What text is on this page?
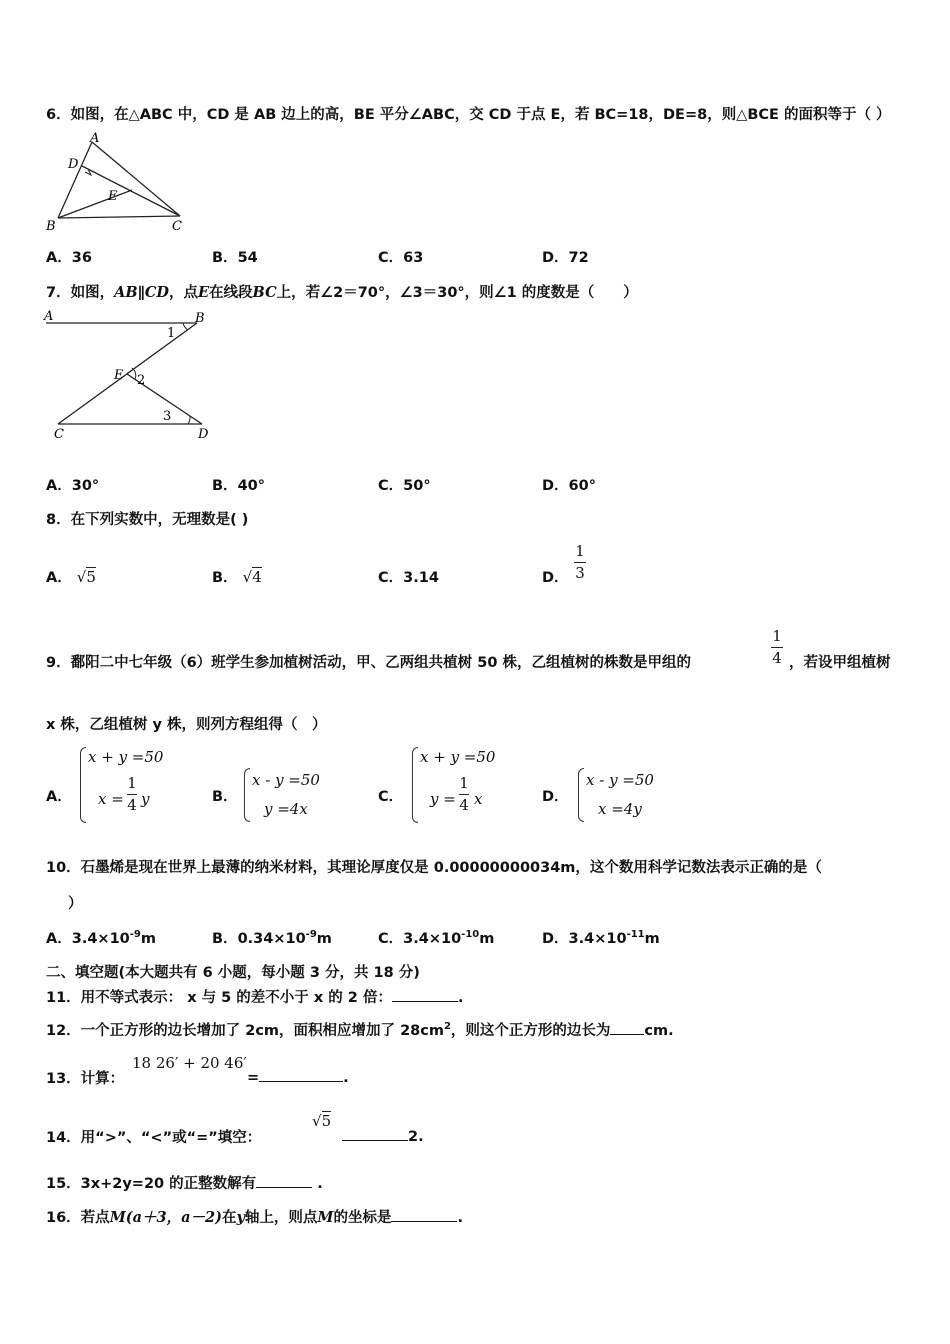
6．如图，在△ABC 中，CD 是 AB 边上的高，BE 平分∠ABC，交 CD 于点 E，若 BC=18，DE=8，则△BCE 的面积等于（ ）
A
D
E
B	C
A．36	B．54	C．63	D．72
7．如图，AB∥CD，点E在线段BC上，若∠2＝70°，∠3＝30°，则∠1 的度数是（　　）
A	B
1
E 2
3
C	D
A．30°	B．40°	C．50°	D．60°
8．在下列实数中，无理数是( )
A． √5	B． √4	C．3.14	D．
1
3
9．鄱阳二中七年级（6）班学生参加植树活动，甲、乙两组共植树 50 株，乙组植树的株数是甲组的
1
4 ，若设甲组植树
x 株，乙组植树 y 株，则列方程组得（　）
A．
x + y =50
x =
1
4 y	B．
x - y =50
y =4x
C．
x + y =50
y =
1
4 x	D．
x - y =50
x =4y
10．石墨烯是现在世界上最薄的纳米材料，其理论厚度仅是 0.00000000034m，这个数用科学记数法表示正确的是（
）
A．$3.4\times 10^{-9}m$	B．$0.34\times 10^{-9}m$	C．$3.4\times 10^{-10}m$	D．$3.4\times 10^{-11}m$
二、填空题(本大题共有 6 小题，每小题 3 分，共 18 分)
11．用不等式表示： x 与 5 的差不小于 x 的 2 倍：	.
12．一个正方形的边长增加了 2cm，面积相应增加了 $28cm^2$，则这个正方形的边长为 cm.
13．计算：
18 26′ + 20 46′
=	.
14．用“>”、“<”或“=”填空：
√5
2.
15．3x+2y=20 的正整数解有	.
16．若点M(a＋3，a－2)在y轴上，则点M的坐标是	.
